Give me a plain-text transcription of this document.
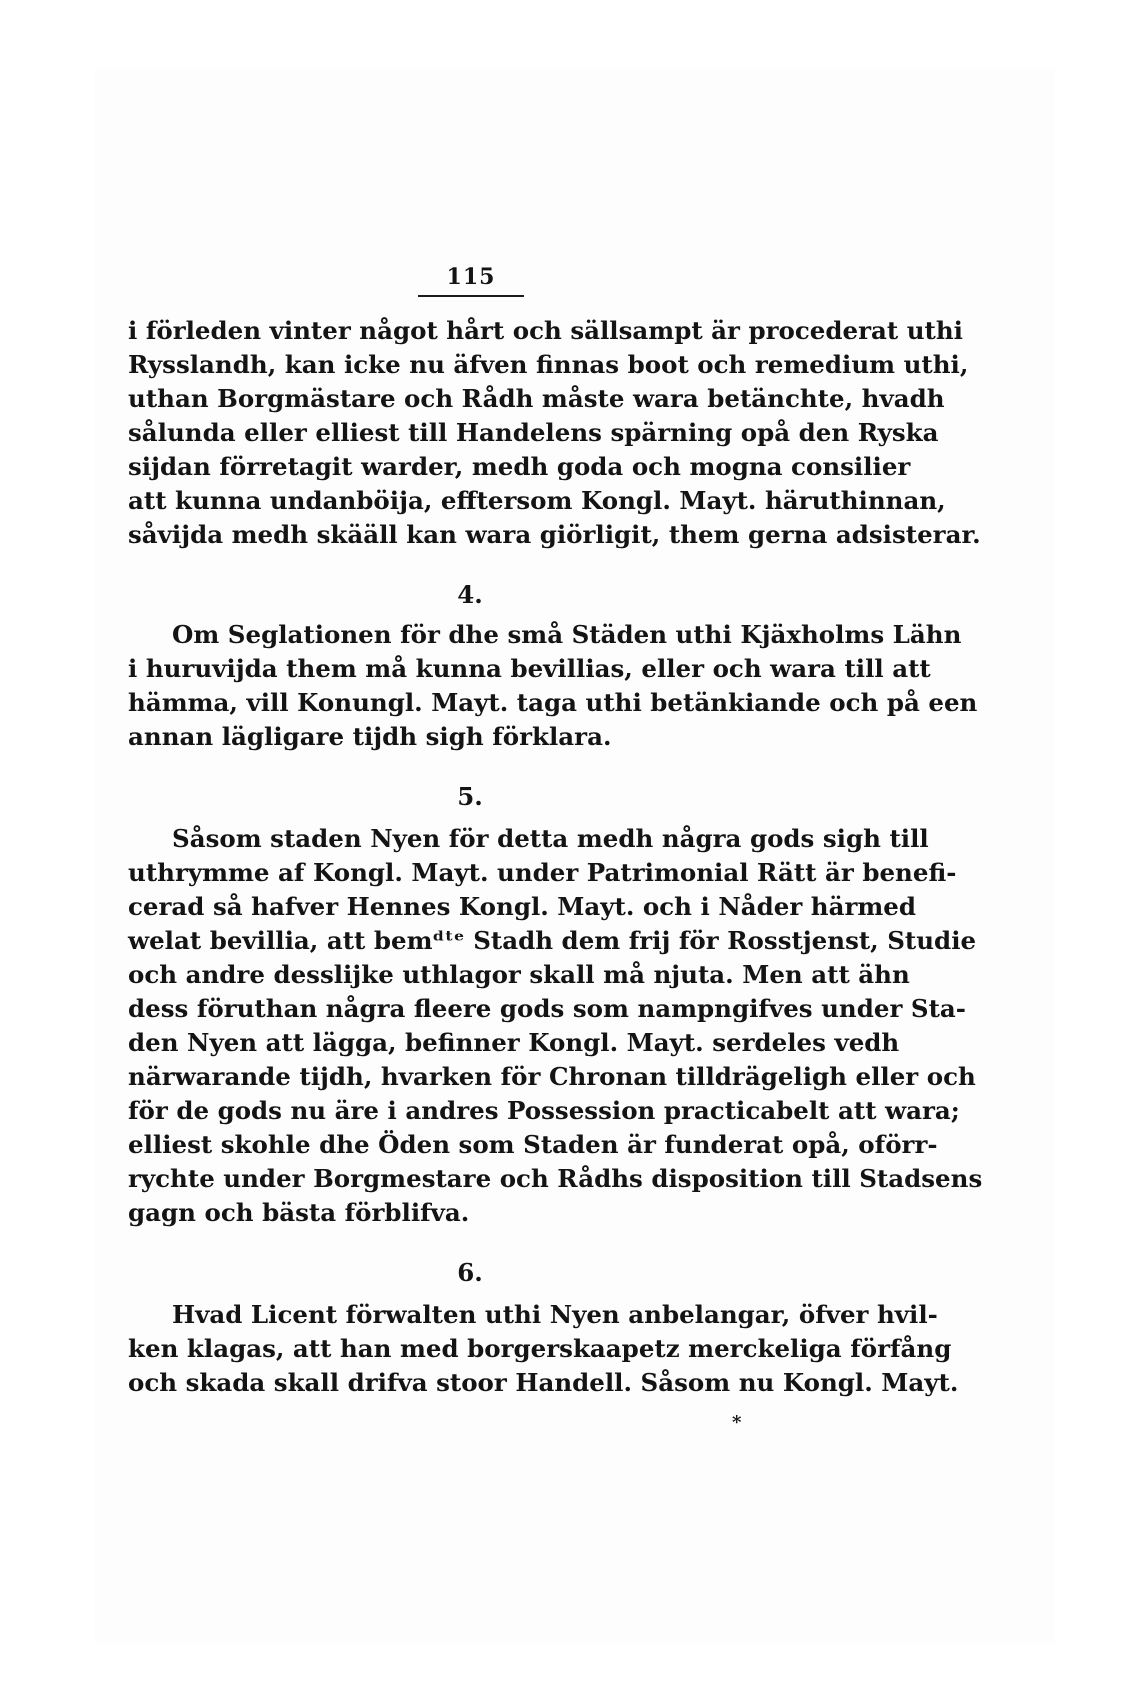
115
i förleden vinter något hårt och sällsampt är procederat uthi
Rysslandh, kan icke nu äfven finnas boot och remedium uthi,
uthan Borgmästare och Rådh måste wara betänchte, hvadh
sålunda eller elliest till Handelens spärning opå den Ryska
sijdan förretagit warder, medh goda och mogna consilier
att kunna undanböija, efftersom Kongl. Mayt. häruthinnan,
såvijda medh skääll kan wara giörligit, them gerna adsisterar.
4.
Om Seglationen för dhe små Städen uthi Kjäxholms Lähn
i huruvijda them må kunna bevillias, eller och wara till att
hämma, vill Konungl. Mayt. taga uthi betänkiande och på een
annan lägligare tijdh sigh förklara.
5.
Såsom staden Nyen för detta medh några gods sigh till
uthrymme af Kongl. Mayt. under Patrimonial Rätt är benefi-
cerad så hafver Hennes Kongl. Mayt. och i Nåder härmed
welat bevillia, att bemᵈᵗᵉ Stadh dem frij för Rosstjenst, Studie
och andre desslijke uthlagor skall må njuta. Men att ähn
dess föruthan några fleere gods som nampngifves under Sta-
den Nyen att lägga, befinner Kongl. Mayt. serdeles vedh
närwarande tijdh, hvarken för Chronan tilldrägeligh eller och
för de gods nu äre i andres Possession practicabelt att wara;
elliest skohle dhe Öden som Staden är funderat opå, oförr-
rychte under Borgmestare och Rådhs disposition till Stadsens
gagn och bästa förblifva.
6.
Hvad Licent förwalten uthi Nyen anbelangar, öfver hvil-
ken klagas, att han med borgerskaapetz merckeliga förfång
och skada skall drifva stoor Handell. Såsom nu Kongl. Mayt.
*
